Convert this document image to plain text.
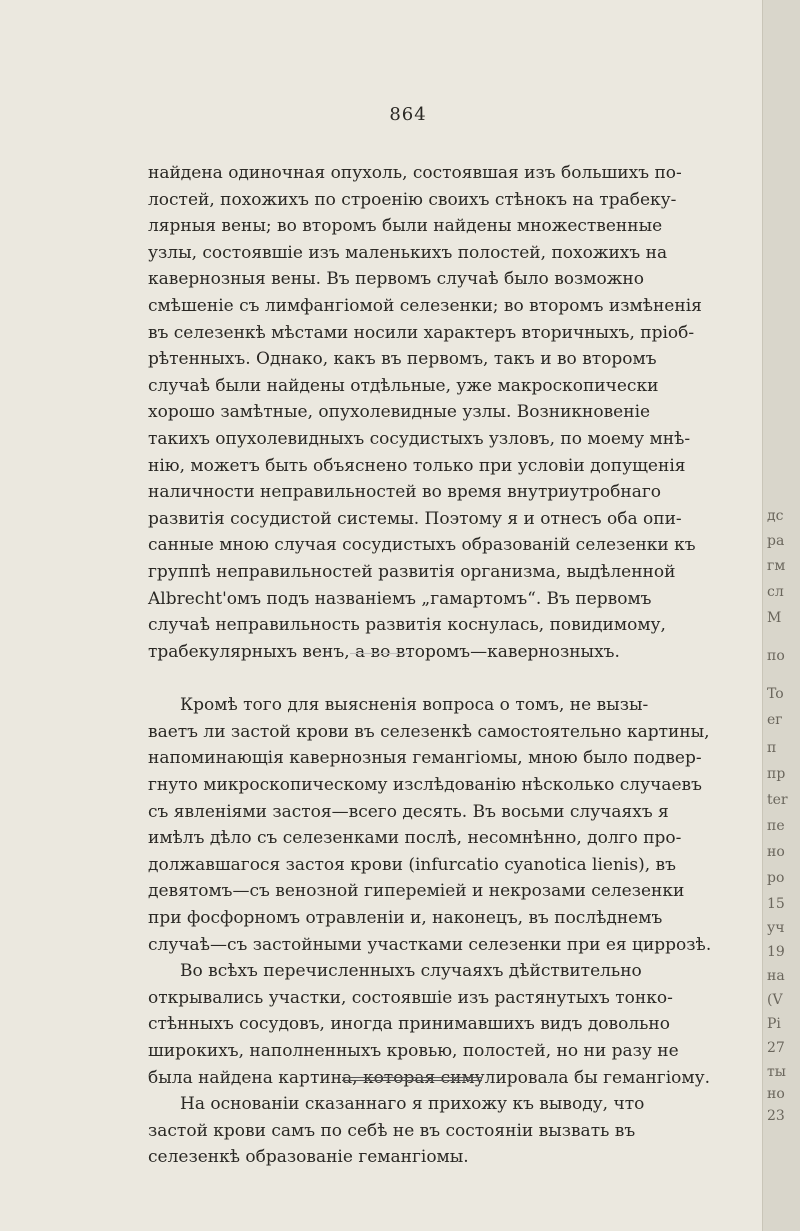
864
найдена одиночная опухоль, состоявшая изъ большихъ по-
лостей, похожихъ по строенію своихъ стѣнокъ на трабеку-
лярныя вены; во второмъ были найдены множественные
узлы, состоявшіе изъ маленькихъ полостей, похожихъ на
кавернозныя вены. Въ первомъ случаѣ было возможно
смѣшеніе съ лимфангіомой селезенки; во второмъ измѣненія
въ селезенкѣ мѣстами носили характеръ вторичныхъ, пріоб-
рѣтенныхъ. Однако, какъ въ первомъ, такъ и во второмъ
случаѣ были найдены отдѣльные, уже макроскопически
хорошо замѣтные, опухолевидные узлы. Возникновеніе
такихъ опухолевидныхъ сосудистыхъ узловъ, по моему мнѣ-
нію, можетъ быть объяснено только при условіи допущенія
наличности неправильностей во время внутриутробнаго
развитія сосудистой системы. Поэтому я и отнесъ оба опи-
санные мною случая сосудистыхъ образованій селезенки къ
группѣ неправильностей развитія организма, выдѣленной
Albrecht'омъ подъ названіемъ „гамартомъ“. Въ первомъ
случаѣ неправильность развитія коснулась, повидимому,
трабекулярныхъ венъ, а во второмъ—кавернозныхъ.
Кромѣ того для выясненія вопроса о томъ, не вызы-
ваетъ ли застой крови въ селезенкѣ самостоятельно картины,
напоминающія кавернозныя гемангіомы, мною было подвер-
гнуто микроскопическому изслѣдованію нѣсколько случаевъ
съ явленіями застоя—всего десять. Въ восьми случаяхъ я
имѣлъ дѣло съ селезенками послѣ, несомнѣнно, долго про-
должавшагося застоя крови (infurcatio cyanotica lienis), въ
девятомъ—съ венозной гиперемiей и некрозами селезенки
при фосфорномъ отравленіи и, наконецъ, въ послѣднемъ
случаѣ—съ застойными участками селезенки при ея циррозѣ.
Во всѣхъ перечисленныхъ случаяхъ дѣйствительно
открывались участки, состоявшіе изъ растянутыхъ тонко-
стѣнныхъ сосудовъ, иногда принимавшихъ видъ довольно
широкихъ, наполненныхъ кровью, полостей, но ни разу не
была найдена картина, которая симулировала бы гемангіому.
На основаніи сказаннаго я прихожу къ выводу, что
застой крови самъ по себѣ не въ состояніи вызвать въ
селезенкѣ образованіе гемангіомы.
дс
ра
гм
сл
M
по
To
ег
п
пр
ter
пе
но
ро
15
уч
19
на
(V
Pi
27
ты
но
23
